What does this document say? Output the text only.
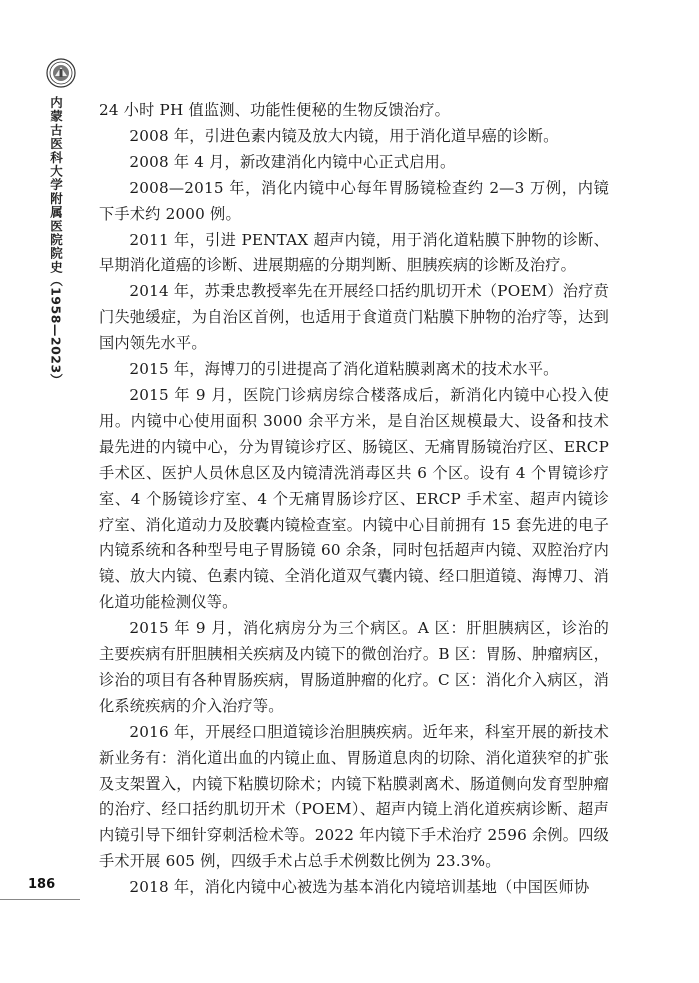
内蒙古医科大学附属医院院史（1958—2023）
186

24 小时 PH 值监测、功能性便秘的生物反馈治疗。

2008 年，引进色素内镜及放大内镜，用于消化道早癌的诊断。

2008 年 4 月，新改建消化内镜中心正式启用。

2008—2015 年，消化内镜中心每年胃肠镜检查约 2—3 万例，内镜下手术约 2000 例。

2011 年，引进 PENTAX 超声内镜，用于消化道粘膜下肿物的诊断、早期消化道癌的诊断、进展期癌的分期判断、胆胰疾病的诊断及治疗。

2014 年，苏秉忠教授率先在开展经口括约肌切开术（POEM）治疗贲门失弛缓症，为自治区首例，也适用于食道贲门粘膜下肿物的治疗等，达到国内领先水平。

2015 年，海博刀的引进提高了消化道粘膜剥离术的技术水平。

2015 年 9 月，医院门诊病房综合楼落成后，新消化内镜中心投入使用。内镜中心使用面积 3000 余平方米，是自治区规模最大、设备和技术最先进的内镜中心，分为胃镜诊疗区、肠镜区、无痛胃肠镜治疗区、ERCP 手术区、医护人员休息区及内镜清洗消毒区共 6 个区。设有 4 个胃镜诊疗室、4 个肠镜诊疗室、4 个无痛胃肠诊疗区、ERCP 手术室、超声内镜诊疗室、消化道动力及胶囊内镜检查室。内镜中心目前拥有 15 套先进的电子内镜系统和各种型号电子胃肠镜 60 余条，同时包括超声内镜、双腔治疗内镜、放大内镜、色素内镜、全消化道双气囊内镜、经口胆道镜、海博刀、消化道功能检测仪等。

2015 年 9 月，消化病房分为三个病区。A 区：肝胆胰病区，诊治的主要疾病有肝胆胰相关疾病及内镜下的微创治疗。B 区：胃肠、肿瘤病区，诊治的项目有各种胃肠疾病，胃肠道肿瘤的化疗。C 区：消化介入病区，消化系统疾病的介入治疗等。

2016 年，开展经口胆道镜诊治胆胰疾病。近年来，科室开展的新技术新业务有：消化道出血的内镜止血、胃肠道息肉的切除、消化道狭窄的扩张及支架置入，内镜下粘膜切除术；内镜下粘膜剥离术、肠道侧向发育型肿瘤的治疗、经口括约肌切开术（POEM）、超声内镜上消化道疾病诊断、超声内镜引导下细针穿刺活检术等。2022 年内镜下手术治疗 2596 余例。四级手术开展 605 例，四级手术占总手术例数比例为 23.3%。

2018 年，消化内镜中心被选为基本消化内镜培训基地（中国医师协
